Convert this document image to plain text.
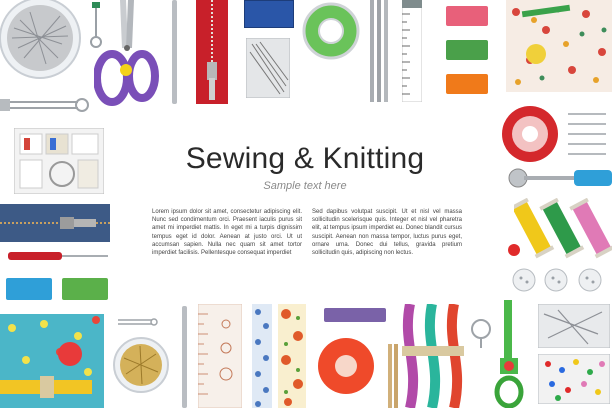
Sewing & Knitting
Sample text here
Lorem ipsum dolor sit amet, consectetur adipiscing elit. Nunc sed condimentum orci. Praesent iaculis purus sit amet mi imperdiet mattis. In eget mi a turpis dignissim tempus eget id dolor. Aenean at justo orci. Ut ut accumsan sapien. Nulla nec quam sit amet tortor imperdiet facilisis. Pellentesque consequat imperdiet
Sed dapibus volutpat suscipit. Ut et nisl vel massa sollicitudin scelerisque quis. Integer et nisl vel pharetra elit, at tempus ipsum imperdiet eu. Donec blandit cursus suscipit. Aenean non massa tempor, luctus purus eget, ornare urna. Donec dui tellus, gravida pretium sollicitudin quis, adipiscing non lectus.
